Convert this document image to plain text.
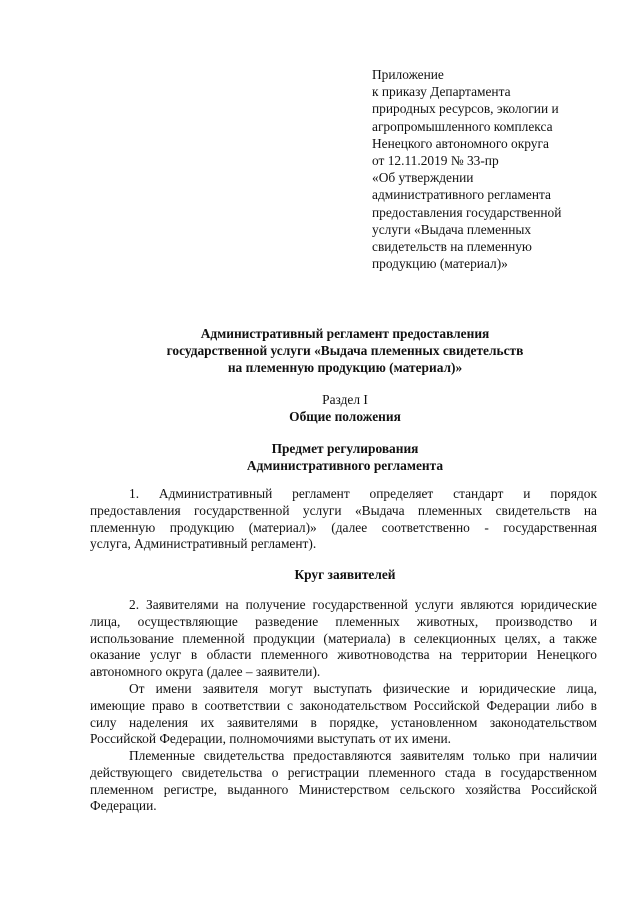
Приложение
к приказу Департамента
природных ресурсов, экологии и
агропромышленного комплекса
Ненецкого автономного округа
от 12.11.2019 № 33-пр
«Об утверждении
административного регламента
предоставления государственной
услуги «Выдача племенных
свидетельств на племенную
продукцию (материал)»
Административный регламент предоставления
государственной услуги «Выдача племенных свидетельств
на племенную продукцию (материал)»
Раздел I
Общие положения
Предмет регулирования
Административного регламента
1. Административный регламент определяет стандарт и порядок
предоставления государственной услуги «Выдача племенных свидетельств на
племенную продукцию (материал)» (далее соответственно - государственная
услуга, Административный регламент).
Круг заявителей
2. Заявителями на получение государственной услуги являются юридические
лица, осуществляющие разведение племенных животных, производство и
использование племенной продукции (материала) в селекционных целях, а также
оказание услуг в области племенного животноводства на территории Ненецкого
автономного округа (далее – заявители).
От имени заявителя могут выступать физические и юридические лица,
имеющие право в соответствии с законодательством Российской Федерации либо в
силу наделения их заявителями в порядке, установленном законодательством
Российской Федерации, полномочиями выступать от их имени.
Племенные свидетельства предоставляются заявителям только при наличии
действующего свидетельства о регистрации племенного стада в государственном
племенном регистре, выданного Министерством сельского хозяйства Российской
Федерации.
